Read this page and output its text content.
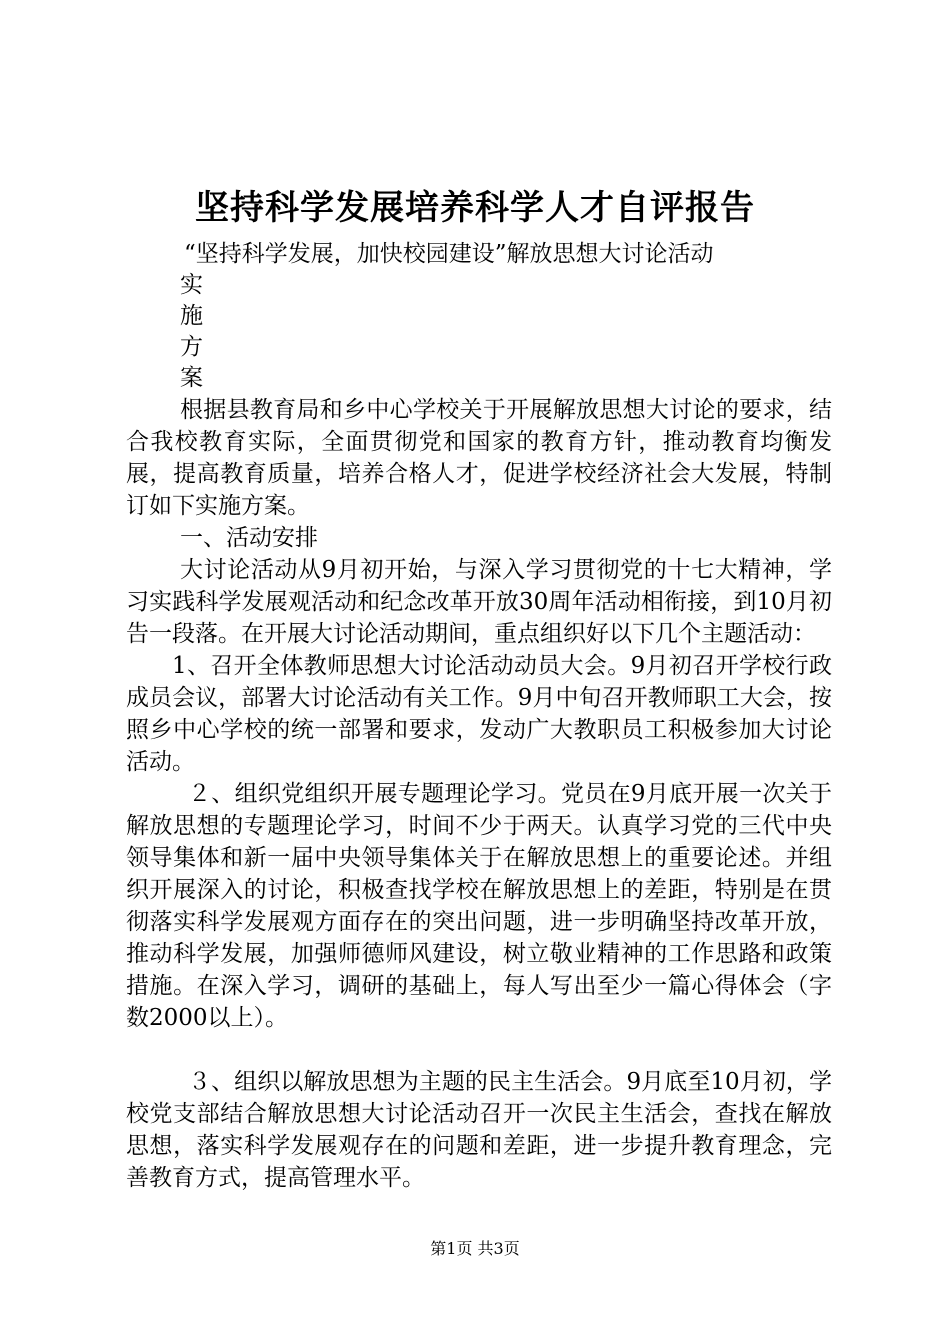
坚持科学发展培养科学人才自评报告

“坚持科学发展，加快校园建设”解放思想大讨论活动

实

施

方

案

根据县教育局和乡中心学校关于开展解放思想大讨论的要求，结合我校教育实际，全面贯彻党和国家的教育方针，推动教育均衡发展，提高教育质量，培养合格人才，促进学校经济社会大发展，特制订如下实施方案。

一、活动安排

大讨论活动从9月初开始，与深入学习贯彻党的十七大精神，学习实践科学发展观活动和纪念改革开放30周年活动相衔接，到10月初告一段落。在开展大讨论活动期间，重点组织好以下几个主题活动：

1、召开全体教师思想大讨论活动动员大会。9月初召开学校行政成员会议，部署大讨论活动有关工作。9月中旬召开教师职工大会，按照乡中心学校的统一部署和要求，发动广大教职员工积极参加大讨论活动。

２、组织党组织开展专题理论学习。党员在9月底开展一次关于解放思想的专题理论学习，时间不少于两天。认真学习党的三代中央领导集体和新一届中央领导集体关于在解放思想上的重要论述。并组织开展深入的讨论，积极查找学校在解放思想上的差距，特别是在贯彻落实科学发展观方面存在的突出问题，进一步明确坚持改革开放，推动科学发展，加强师德师风建设，树立敬业精神的工作思路和政策措施。在深入学习，调研的基础上，每人写出至少一篇心得体会（字数2000以上）。

３、组织以解放思想为主题的民主生活会。9月底至10月初，学校党支部结合解放思想大讨论活动召开一次民主生活会，查找在解放思想，落实科学发展观存在的问题和差距，进一步提升教育理念，完善教育方式，提高管理水平。

第1页 共3页
